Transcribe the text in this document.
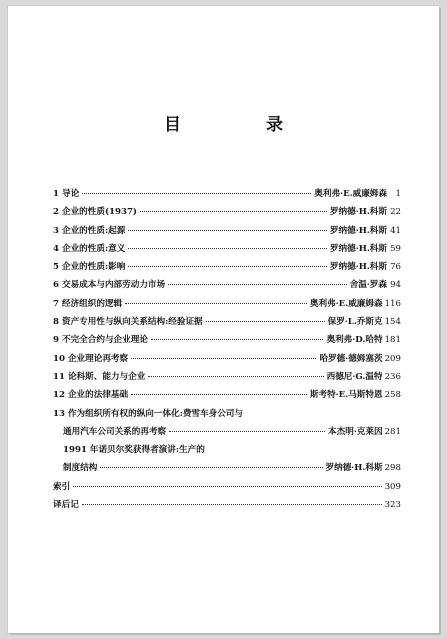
目　录
1 导论	奥利弗·E.威廉姆森 1
2 企业的性质(1937)	罗纳德·H.科斯 22
3 企业的性质:起源	罗纳德·H.科斯 41
4 企业的性质:意义	罗纳德·H.科斯 59
5 企业的性质:影响	罗纳德·H.科斯 76
6 交易成本与内部劳动力市场	舍温·罗森 94
7 经济组织的逻辑	奥利弗·E.威廉姆森 116
8 资产专用性与纵向关系结构:经验证据	保罗·L.乔斯克 154
9 不完全合约与企业理论	奥利弗·D.哈特 181
10 企业理论再考察	哈罗德·德姆塞茨 209
11 论科斯、能力与企业	西德尼·G.温特 236
12 企业的法律基础	斯考特·E.马斯特恩 258
13 作为组织所有权的纵向一体化:费雪车身公司与
通用汽车公司关系的再考察	本杰明·克莱因 281
1991 年诺贝尔奖获得者演讲:生产的
制度结构	罗纳德·H.科斯 298
索引	309
译后记	323
